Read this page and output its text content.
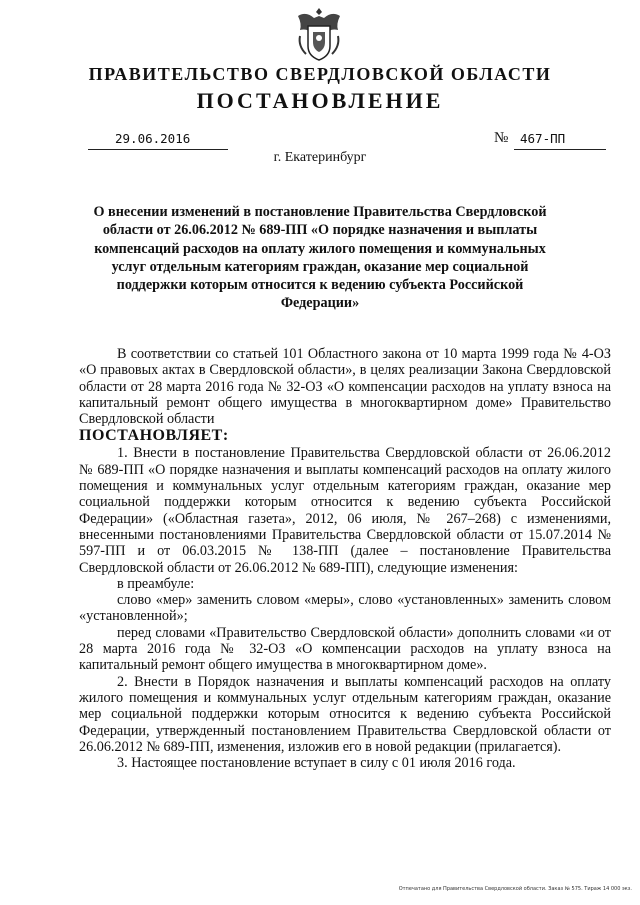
ПРАВИТЕЛЬСТВО СВЕРДЛОВСКОЙ ОБЛАСТИ
ПОСТАНОВЛЕНИЕ
29.06.2016	№ 467-ПП
г. Екатеринбург
О внесении изменений в постановление Правительства Свердловской области от 26.06.2012 № 689-ПП «О порядке назначения и выплаты компенсаций расходов на оплату жилого помещения и коммунальных услуг отдельным категориям граждан, оказание мер социальной поддержки которым относится к ведению субъекта Российской Федерации»

В соответствии со статьей 101 Областного закона от 10 марта 1999 года № 4-ОЗ «О правовых актах в Свердловской области», в целях реализации Закона Свердловской области от 28 марта 2016 года № 32-ОЗ «О компенсации расходов на уплату взноса на капитальный ремонт общего имущества в многоквартирном доме» Правительство Свердловской области

ПОСТАНОВЛЯЕТ:

1. Внести в постановление Правительства Свердловской области от 26.06.2012 № 689-ПП «О порядке назначения и выплаты компенсаций расходов на оплату жилого помещения и коммунальных услуг отдельным категориям граждан, оказание мер социальной поддержки которым относится к ведению субъекта Российской Федерации» («Областная газета», 2012, 06 июля, № 267–268) с изменениями, внесенными постановлениями Правительства Свердловской области от 15.07.2014 № 597-ПП и от 06.03.2015 № 138-ПП (далее – постановление Правительства Свердловской области от 26.06.2012 № 689-ПП), следующие изменения:

в преамбуле:

слово «мер» заменить словом «меры», слово «установленных» заменить словом «установленной»;

перед словами «Правительство Свердловской области» дополнить словами «и от 28 марта 2016 года № 32-ОЗ «О компенсации расходов на уплату взноса на капитальный ремонт общего имущества в многоквартирном доме».

2. Внести в Порядок назначения и выплаты компенсаций расходов на оплату жилого помещения и коммунальных услуг отдельным категориям граждан, оказание мер социальной поддержки которым относится к ведению субъекта Российской Федерации, утвержденный постановлением Правительства Свердловской области от 26.06.2012 № 689-ПП, изменения, изложив его в новой редакции (прилагается).

3. Настоящее постановление вступает в силу с 01 июля 2016 года.

Отпечатано для Правительства Свердловской области. Заказ № 575. Тираж 14 000 экз.
